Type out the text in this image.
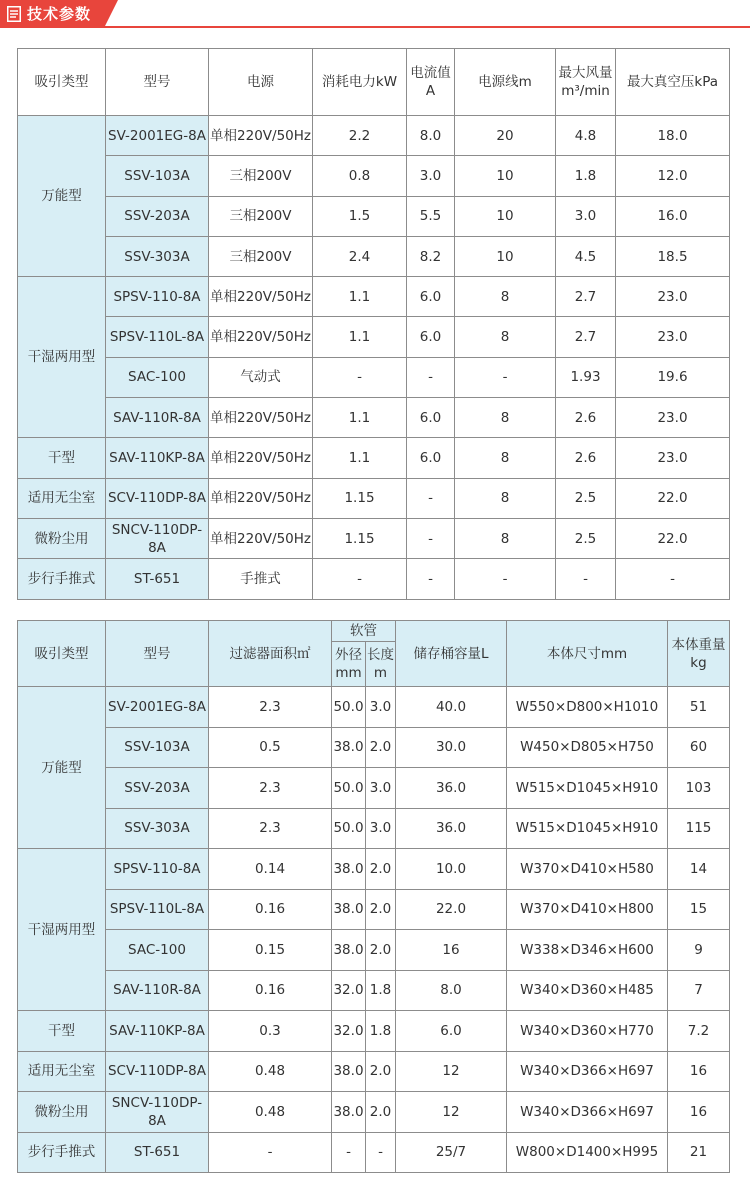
技术参数
吸引类型	型号	电源	消耗电力kW	电流值A	电源线m	最大风量m³/min	最大真空压kPa
万能型	SV-2001EG-8A	单相220V/50Hz	2.2	8.0	20	4.8	18.0
	SSV-103A	三相200V	0.8	3.0	10	1.8	12.0
	SSV-203A	三相200V	1.5	5.5	10	3.0	16.0
	SSV-303A	三相200V	2.4	8.2	10	4.5	18.5
干湿两用型	SPSV-110-8A	单相220V/50Hz	1.1	6.0	8	2.7	23.0
	SPSV-110L-8A	单相220V/50Hz	1.1	6.0	8	2.7	23.0
	SAC-100	气动式	-	-	-	1.93	19.6
	SAV-110R-8A	单相220V/50Hz	1.1	6.0	8	2.6	23.0
干型	SAV-110KP-8A	单相220V/50Hz	1.1	6.0	8	2.6	23.0
适用无尘室	SCV-110DP-8A	单相220V/50Hz	1.15	-	8	2.5	22.0
微粉尘用	SNCV-110DP-8A	单相220V/50Hz	1.15	-	8	2.5	22.0
步行手推式	ST-651	手推式	-	-	-	-	-
吸引类型	型号	过滤器面积㎡	软管		储存桶容量L	本体尺寸mm	本体重量kg
			外径mm	长度m			
万能型	SV-2001EG-8A	2.3	50.0	3.0	40.0	W550×D800×H1010	51
	SSV-103A	0.5	38.0	2.0	30.0	W450×D805×H750	60
	SSV-203A	2.3	50.0	3.0	36.0	W515×D1045×H910	103
	SSV-303A	2.3	50.0	3.0	36.0	W515×D1045×H910	115
干湿两用型	SPSV-110-8A	0.14	38.0	2.0	10.0	W370×D410×H580	14
	SPSV-110L-8A	0.16	38.0	2.0	22.0	W370×D410×H800	15
	SAC-100	0.15	38.0	2.0	16	W338×D346×H600	9
	SAV-110R-8A	0.16	32.0	1.8	8.0	W340×D360×H485	7
干型	SAV-110KP-8A	0.3	32.0	1.8	6.0	W340×D360×H770	7.2
适用无尘室	SCV-110DP-8A	0.48	38.0	2.0	12	W340×D366×H697	16
微粉尘用	SNCV-110DP-8A	0.48	38.0	2.0	12	W340×D366×H697	16
步行手推式	ST-651	-	-	-	25/7	W800×D1400×H995	21
